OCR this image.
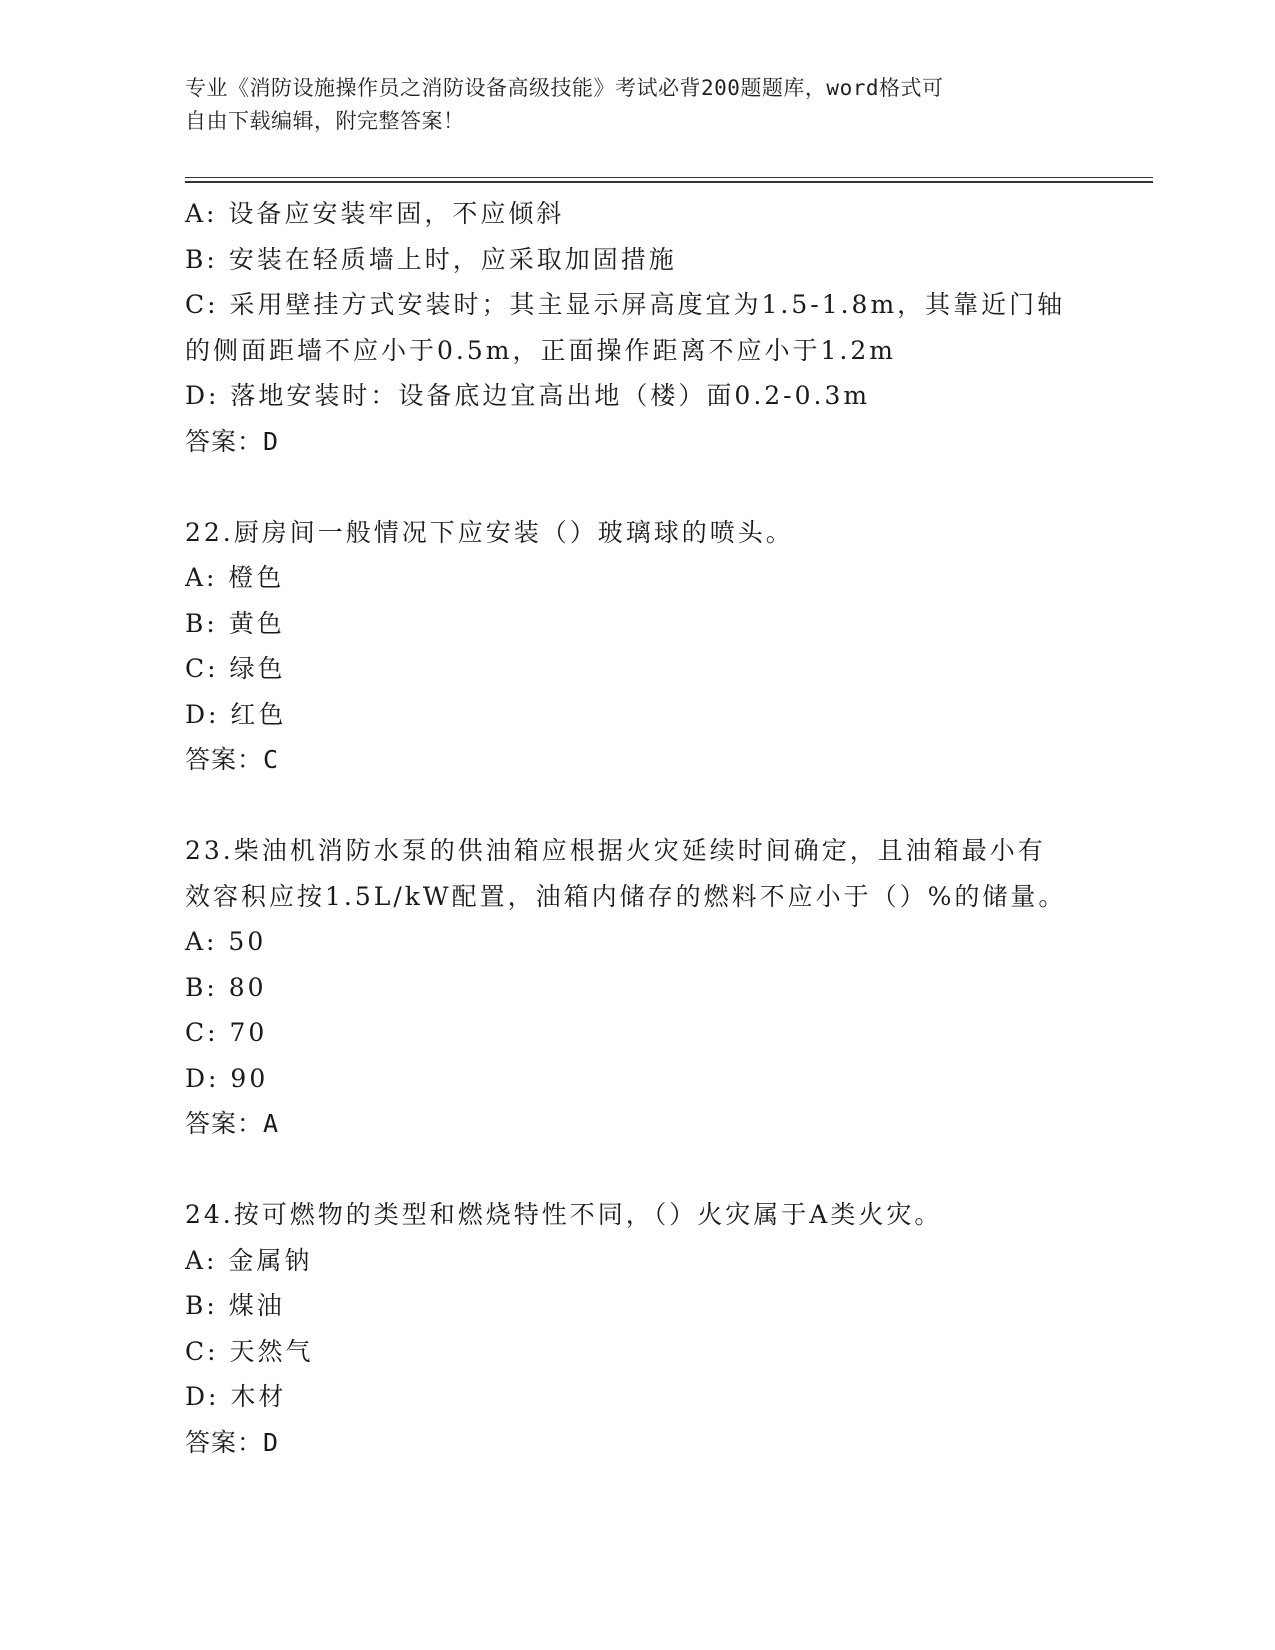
专业《消防设施操作员之消防设备高级技能》考试必背200题题库，word格式可
自由下载编辑，附完整答案！
A: 设备应安装牢固，不应倾斜
B: 安装在轻质墙上时，应采取加固措施
C: 采用壁挂方式安装时；其主显示屏高度宜为1.5-1.8m，其靠近门轴
的侧面距墙不应小于0.5m，正面操作距离不应小于1.2m
D: 落地安装时：设备底边宜高出地（楼）面0.2-0.3m
答案：D
22.厨房间一般情况下应安装（）玻璃球的喷头。
A: 橙色
B: 黄色
C: 绿色
D: 红色
答案：C
23.柴油机消防水泵的供油箱应根据火灾延续时间确定，且油箱最小有
效容积应按1.5L/kW配置，油箱内储存的燃料不应小于（）%的储量。
A: 50
B: 80
C: 70
D: 90
答案：A
24.按可燃物的类型和燃烧特性不同，（）火灾属于A类火灾。
A: 金属钠
B: 煤油
C: 天然气
D: 木材
答案：D
